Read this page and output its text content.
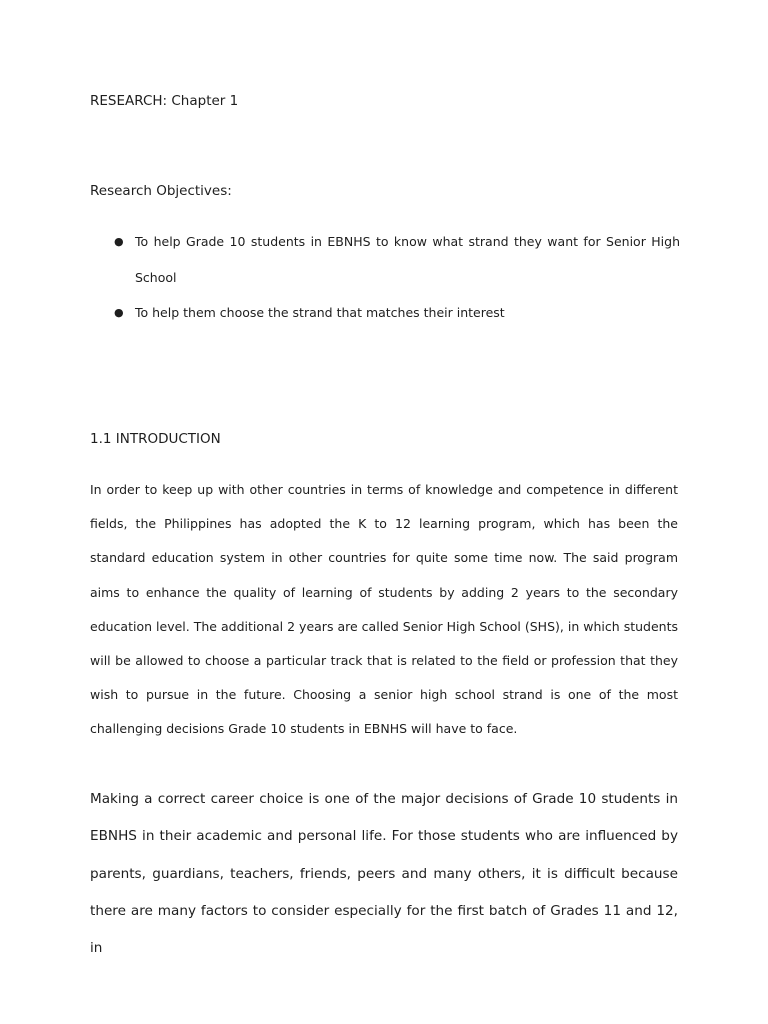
RESEARCH: Chapter 1
Research Objectives:
● To help Grade 10 students in EBNHS to know what strand they want for Senior High School
● To help them choose the strand that matches their interest
1.1 INTRODUCTION

In order to keep up with other countries in terms of knowledge and competence in different fields, the Philippines has adopted the K to 12 learning program, which has been the standard education system in other countries for quite some time now. The said program aims to enhance the quality of learning of students by adding 2 years to the secondary education level. The additional 2 years are called Senior High School (SHS), in which students will be allowed to choose a particular track that is related to the field or profession that they wish to pursue in the future. Choosing a senior high school strand is one of the most challenging decisions Grade 10 students in EBNHS will have to face.

Making a correct career choice is one of the major decisions of Grade 10 students in EBNHS in their academic and personal life. For those students who are influenced by parents, guardians, teachers, friends, peers and many others, it is difficult because there are many factors to consider especially for the first batch of Grades 11 and 12, in
